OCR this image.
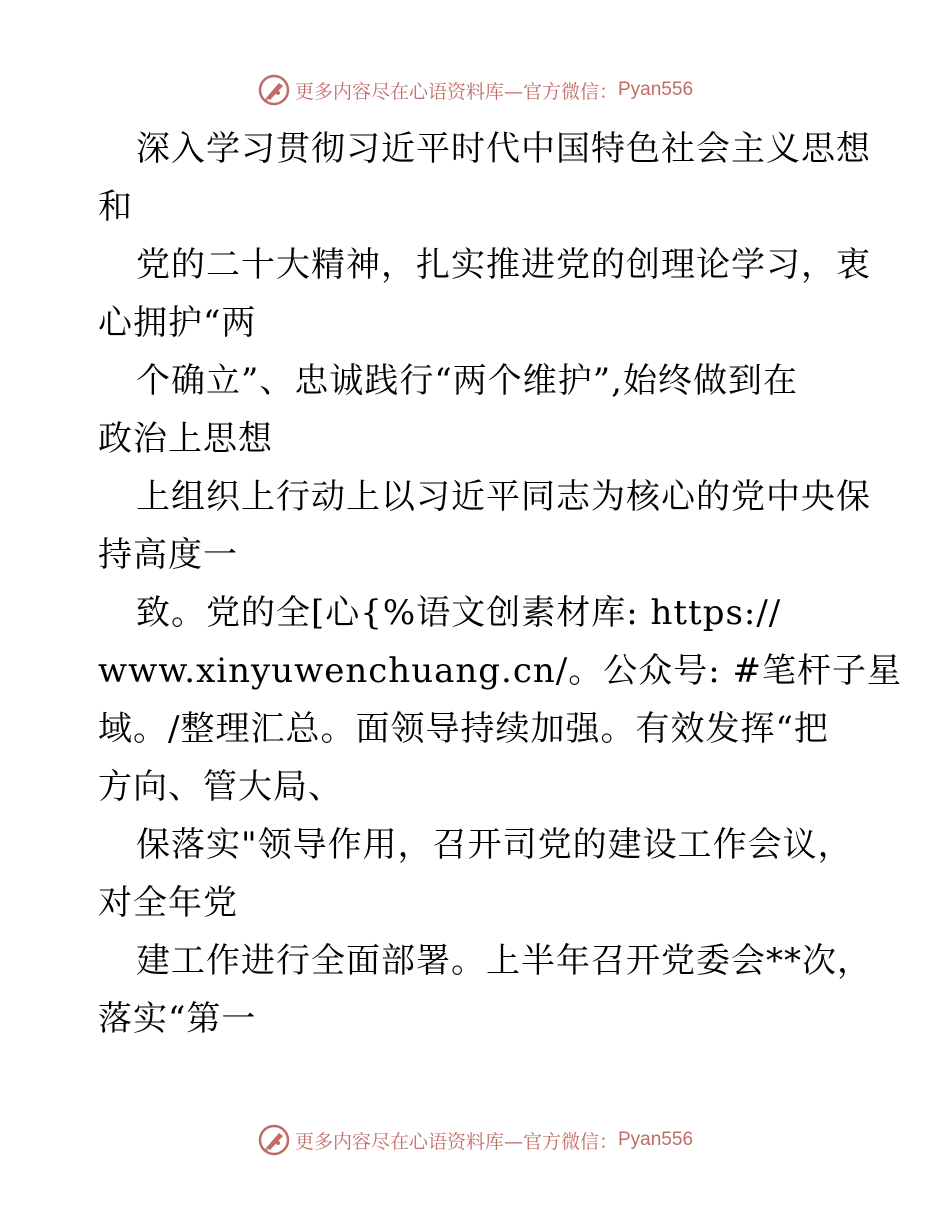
更多内容尽在心语资料库—官方微信： Pyan556
深入学习贯彻习近平时代中国特色社会主义思想
和
党的二十大精神，扎实推进党的创理论学习，衷
心拥护“两
个确立”、忠诚践行“两个维护”,始终做到在
政治上思想
上组织上行动上以习近平同志为核心的党中央保
持高度一
致。党的全[心{%语文创素材库: https://
www.xinyuwenchuang.cn/。公众号: #笔杆子星
域。/整理汇总。面领导持续加强。有效发挥“把
方向、管大局、
保落实"领导作用，召开司党的建设工作会议，
对全年党
建工作进行全面部署。上半年召开党委会**次，
落实“第一
更多内容尽在心语资料库—官方微信： Pyan556
